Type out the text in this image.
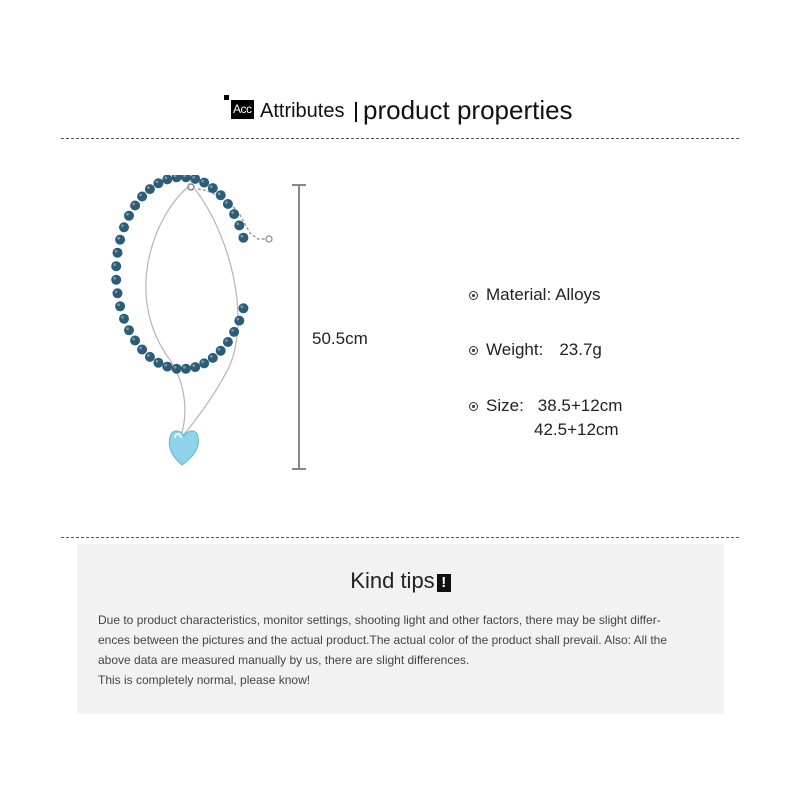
Acc Attributes product properties
50.5cm
Material: Alloys
Weight: 23.7g
Size: 38.5+12cm
42.5+12cm
Kind tips !
Due to product characteristics, monitor settings, shooting light and other factors, there may be slight differ-
ences between the pictures and the actual product.The actual color of the product shall prevail. Also: All the
above data are measured manually by us, there are slight differences.
This is completely normal, please know!
